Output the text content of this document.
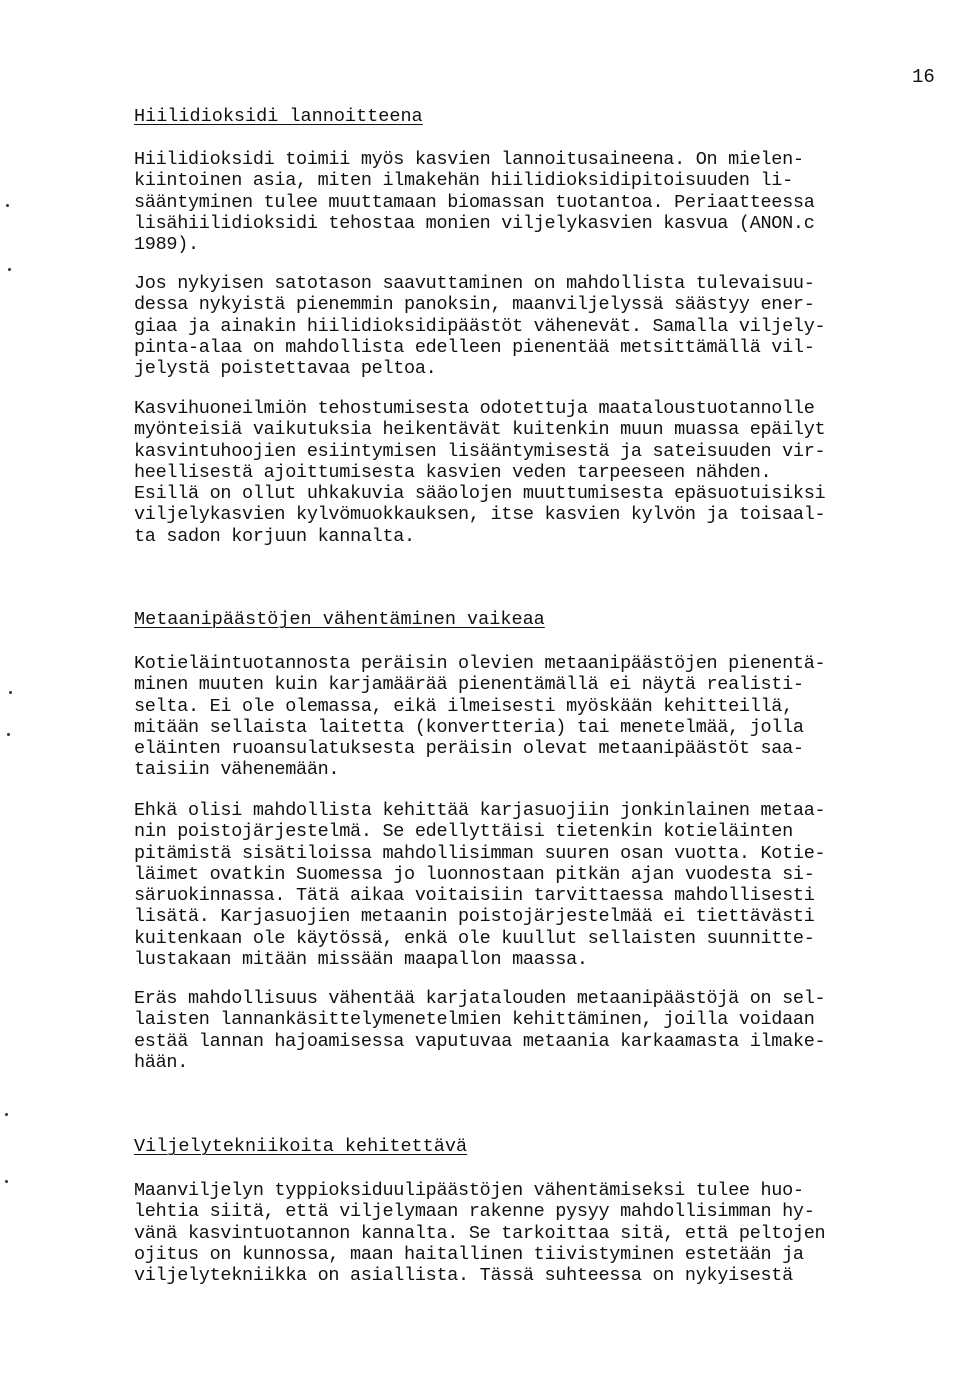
16
Hiilidioksidi lannoitteena
Hiilidioksidi toimii myös kasvien lannoitusaineena. On mielen-
kiintoinen asia, miten ilmakehän hiilidioksidipitoisuuden li-
sääntyminen tulee muuttamaan biomassan tuotantoa. Periaatteessa
lisähiilidioksidi tehostaa monien viljelykasvien kasvua (ANON.c
1989).
Jos nykyisen satotason saavuttaminen on mahdollista tulevaisuu-
dessa nykyistä pienemmin panoksin, maanviljelyssä säästyy ener-
giaa ja ainakin hiilidioksidipäästöt vähenevät. Samalla viljely-
pinta-alaa on mahdollista edelleen pienentää metsittämällä vil-
jelystä poistettavaa peltoa.
Kasvihuoneilmiön tehostumisesta odotettuja maataloustuotannolle
myönteisiä vaikutuksia heikentävät kuitenkin muun muassa epäilyt
kasvintuhoojien esiintymisen lisääntymisestä ja sateisuuden vir-
heellisestä ajoittumisesta kasvien veden tarpeeseen nähden.
Esillä on ollut uhkakuvia sääolojen muuttumisesta epäsuotuisiksi
viljelykasvien kylvömuokkauksen, itse kasvien kylvön ja toisaal-
ta sadon korjuun kannalta.
Metaanipäästöjen vähentäminen vaikeaa
Kotieläintuotannosta peräisin olevien metaanipäästöjen pienentä-
minen muuten kuin karjamäärää pienentämällä ei näytä realisti-
selta. Ei ole olemassa, eikä ilmeisesti myöskään kehitteillä,
mitään sellaista laitetta (konvertteria) tai menetelmää, jolla
eläinten ruoansulatuksesta peräisin olevat metaanipäästöt saa-
taisiin vähenemään.
Ehkä olisi mahdollista kehittää karjasuojiin jonkinlainen metaa-
nin poistojärjestelmä. Se edellyttäisi tietenkin kotieläinten
pitämistä sisätiloissa mahdollisimman suuren osan vuotta. Kotie-
läimet ovatkin Suomessa jo luonnostaan pitkän ajan vuodesta si-
säruokinnassa. Tätä aikaa voitaisiin tarvittaessa mahdollisesti
lisätä. Karjasuojien metaanin poistojärjestelmää ei tiettävästi
kuitenkaan ole käytössä, enkä ole kuullut sellaisten suunnitte-
lustakaan mitään missään maapallon maassa.
Eräs mahdollisuus vähentää karjatalouden metaanipäästöjä on sel-
laisten lannankäsittelymenetelmien kehittäminen, joilla voidaan
estää lannan hajoamisessa vaputuvaa metaania karkaamasta ilmake-
hään.
Viljelytekniikoita kehitettävä
Maanviljelyn typpioksiduulipäästöjen vähentämiseksi tulee huo-
lehtia siitä, että viljelymaan rakenne pysyy mahdollisimman hy-
vänä kasvintuotannon kannalta. Se tarkoittaa sitä, että peltojen
ojitus on kunnossa, maan haitallinen tiivistyminen estetään ja
viljelytekniikka on asiallista. Tässä suhteessa on nykyisestä
